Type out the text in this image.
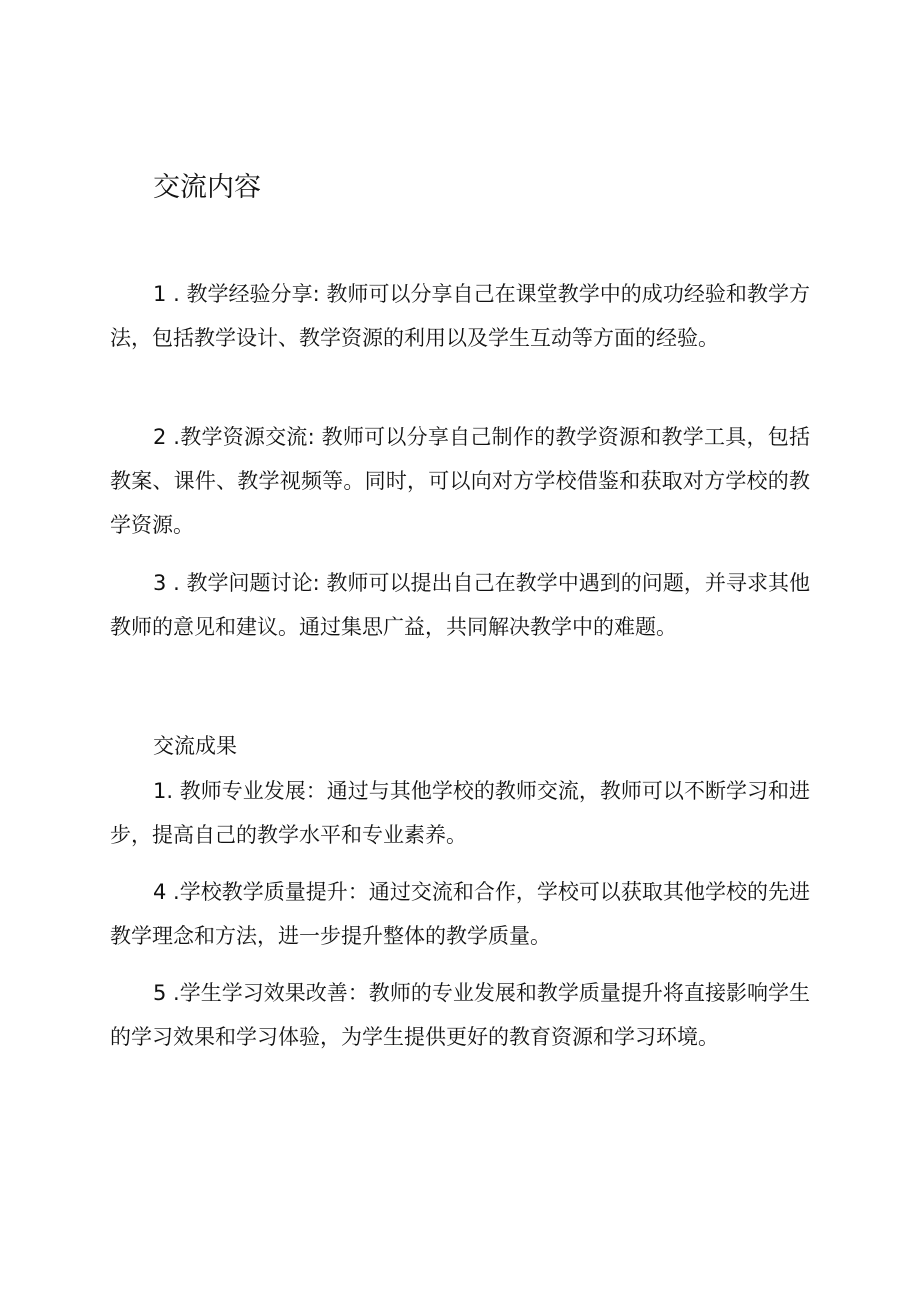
交流内容

1 . 教学经验分享: 教师可以分享自己在课堂教学中的成功经验和教学方法，包括教学设计、教学资源的利用以及学生互动等方面的经验。

2 .教学资源交流: 教师可以分享自己制作的教学资源和教学工具，包括教案、课件、教学视频等。同时，可以向对方学校借鉴和获取对方学校的教学资源。

3 . 教学问题讨论: 教师可以提出自己在教学中遇到的问题，并寻求其他教师的意见和建议。通过集思广益，共同解决教学中的难题。

交流成果

1. 教师专业发展：通过与其他学校的教师交流，教师可以不断学习和进步，提高自己的教学水平和专业素养。

4 .学校教学质量提升：通过交流和合作，学校可以获取其他学校的先进教学理念和方法，进一步提升整体的教学质量。

5 .学生学习效果改善：教师的专业发展和教学质量提升将直接影响学生的学习效果和学习体验，为学生提供更好的教育资源和学习环境。
